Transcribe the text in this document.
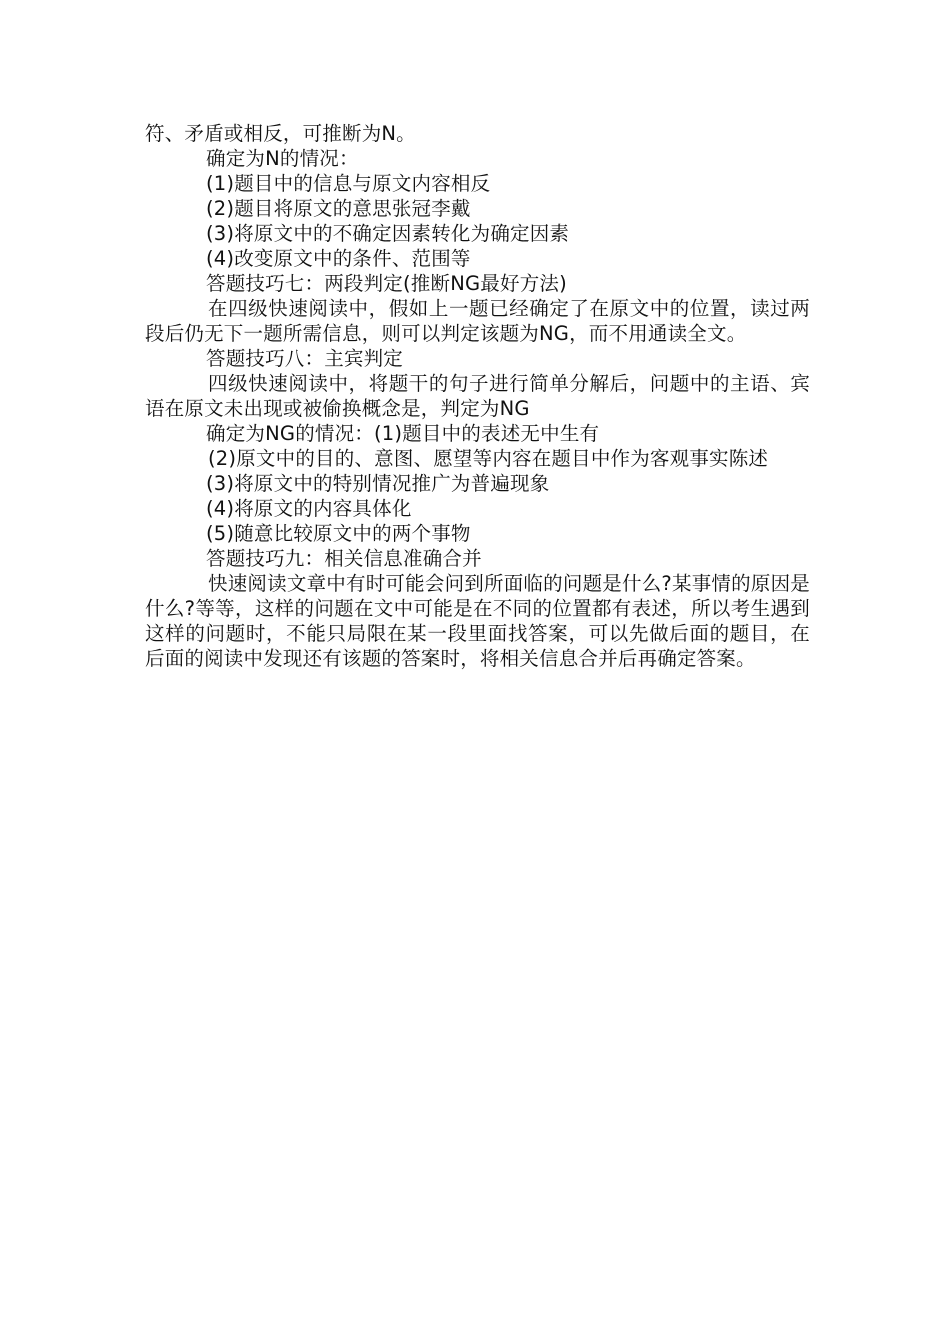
符、矛盾或相反，可推断为N。

确定为N的情况：

(1)题目中的信息与原文内容相反

(2)题目将原文的意思张冠李戴

(3)将原文中的不确定因素转化为确定因素

(4)改变原文中的条件、范围等

答题技巧七：两段判定(推断NG最好方法)

在四级快速阅读中，假如上一题已经确定了在原文中的位置，读过两段后仍无下一题所需信息，则可以判定该题为NG，而不用通读全文。

答题技巧八：主宾判定

四级快速阅读中，将题干的句子进行简单分解后，问题中的主语、宾语在原文未出现或被偷换概念是，判定为NG

确定为NG的情况：(1)题目中的表述无中生有

(2)原文中的目的、意图、愿望等内容在题目中作为客观事实陈述

(3)将原文中的特别情况推广为普遍现象

(4)将原文的内容具体化

(5)随意比较原文中的两个事物

答题技巧九：相关信息准确合并

快速阅读文章中有时可能会问到所面临的问题是什么?某事情的原因是什么?等等，这样的问题在文中可能是在不同的位置都有表述，所以考生遇到这样的问题时，不能只局限在某一段里面找答案，可以先做后面的题目，在后面的阅读中发现还有该题的答案时，将相关信息合并后再确定答案。
